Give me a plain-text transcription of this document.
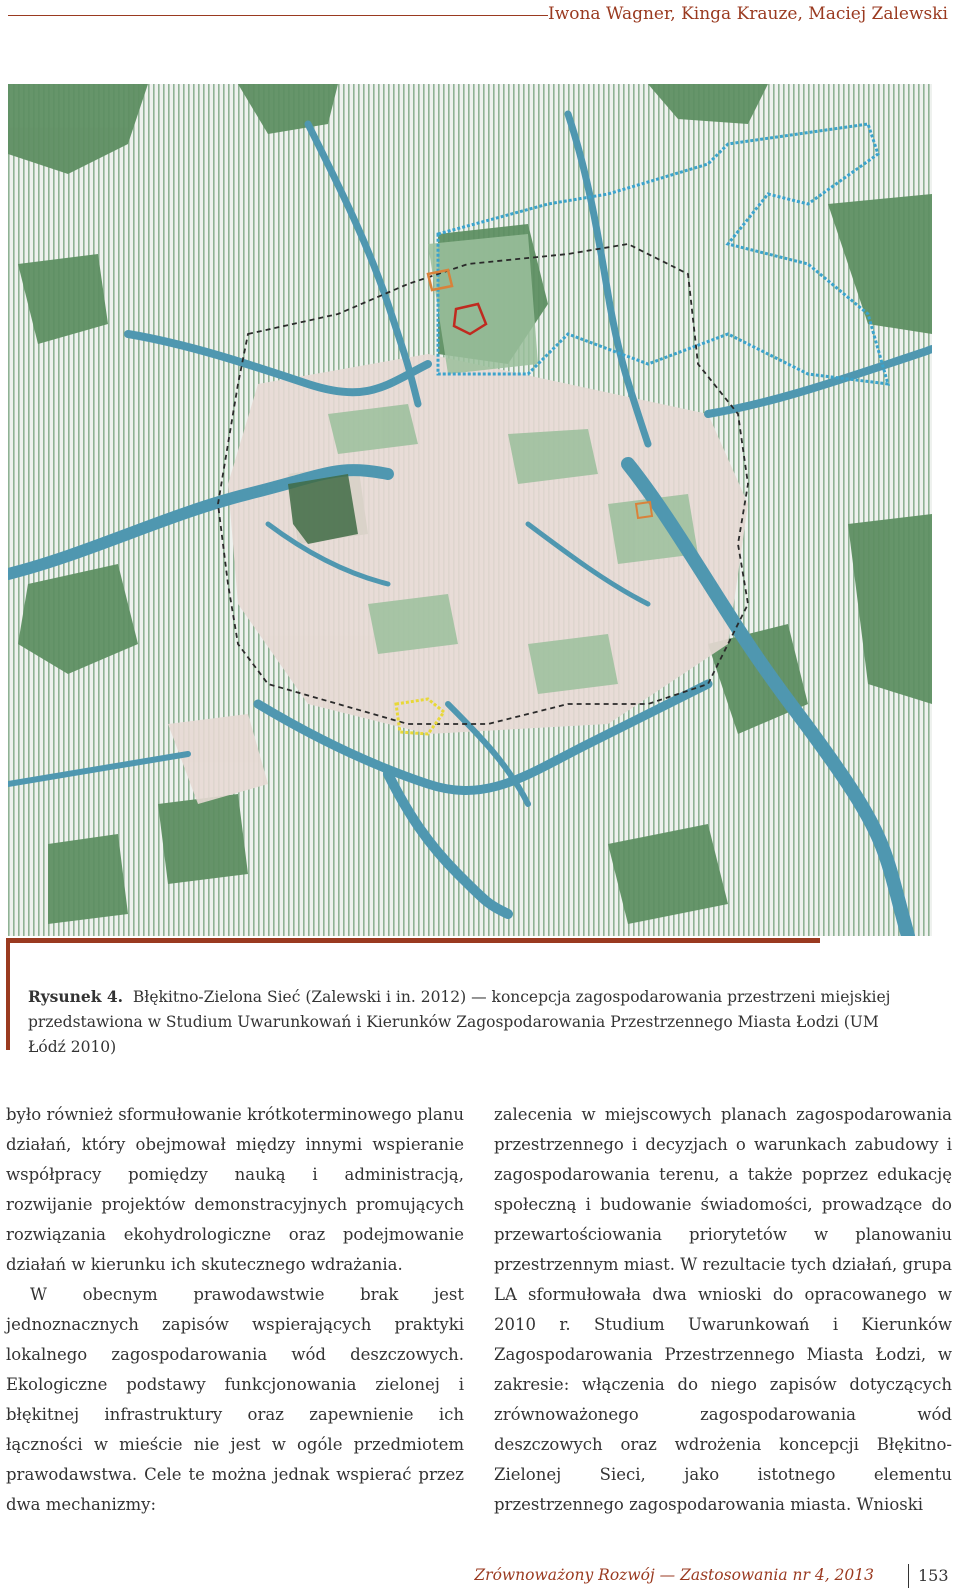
Iwona Wagner, Kinga Krauze, Maciej Zalewski
Rysunek 4. Błękitno-Zielona Sieć (Zalewski i in. 2012) — koncepcja zagospodarowania przestrzeni miejskiej przedstawiona w Studium Uwarunkowań i Kierunków Zagospodarowania Przestrzennego Miasta Łodzi (UM Łódź 2010)

było również sformułowanie krótkoterminowego planu działań, który obejmował między innymi wspieranie współpracy pomiędzy nauką i administracją, rozwijanie projektów demonstracyjnych promujących rozwiązania ekohydrologiczne oraz podejmowanie działań w kierunku ich skutecznego wdrażania.

W obecnym prawodawstwie brak jest jednoznacznych zapisów wspierających praktyki lokalnego zagospodarowania wód deszczowych. Ekologiczne podstawy funkcjonowania zielonej i błękitnej infrastruktury oraz zapewnienie ich łączności w mieście nie jest w ogóle przedmiotem prawodawstwa. Cele te można jednak wspierać przez dwa mechanizmy:

zalecenia w miejscowych planach zagospodarowania przestrzennego i decyzjach o warunkach zabudowy i zagospodarowania terenu, a także poprzez edukację społeczną i budowanie świadomości, prowadzące do przewartościowania priorytetów w planowaniu przestrzennym miast. W rezultacie tych działań, grupa LA sformułowała dwa wnioski do opracowanego w 2010 r. Studium Uwarunkowań i Kierunków Zagospodarowania Przestrzennego Miasta Łodzi, w zakresie: włączenia do niego zapisów dotyczących zrównoważonego zagospodarowania wód deszczowych oraz wdrożenia koncepcji Błękitno-Zielonej Sieci, jako istotnego elementu przestrzennego zagospodarowania miasta. Wnioski

Zrównoważony Rozwój — Zastosowania nr 4, 2013	153
